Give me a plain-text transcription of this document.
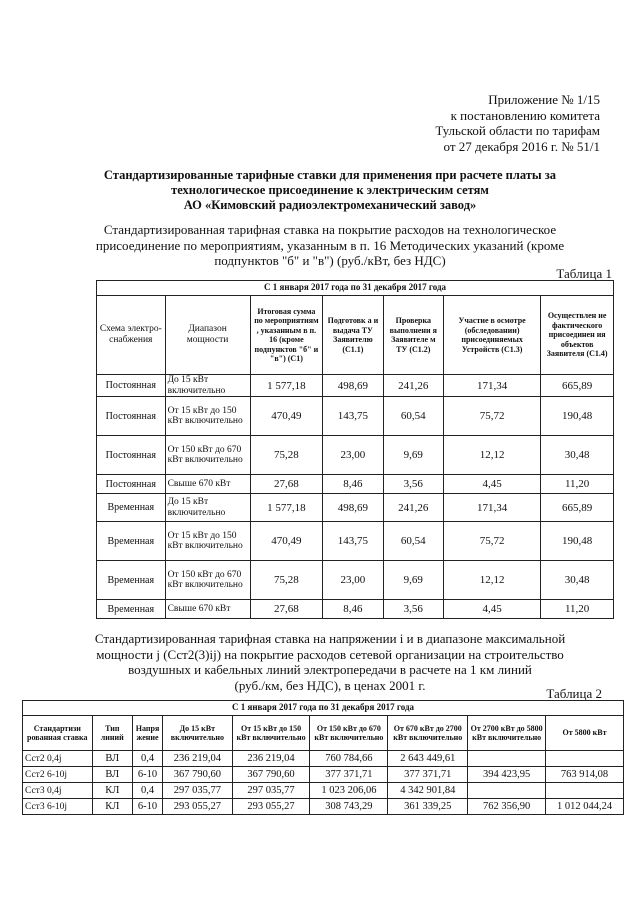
Приложение № 1/15
к постановлению комитета
Тульской области по тарифам
от 27 декабря 2016 г. № 51/1
Стандартизированные тарифные ставки для применения при расчете платы за
технологическое присоединение к электрическим сетям
АО «Кимовский радиоэлектромеханический завод»
Стандартизированная тарифная ставка на покрытие расходов на технологическое
присоединение по мероприятиям, указанным в п. 16 Методических указаний (кроме
подпунктов "б" и "в") (руб./кВт, без НДС)
Таблица 1
С 1 января 2017 года по 31 декабря 2017 года						
Схема электро-снабжения	Диапазон мощности	Итоговая сумма по мероприятиям , указанным в п. 16 (кроме подпунктов "б" и "в") (С1)	Подготовк а и выдача ТУ Заявителю (С1.1)	Проверка выполнени я Заявителе м ТУ (С1.2)	Участие в осмотре (обследовании) присоединяемых Устройств (С1.3)	Осуществлен ие фактического присоединен ия объектов Заявителя (С1.4)
Постоянная	До 15 кВт включительно	1 577,18	498,69	241,26	171,34	665,89
Постоянная	От 15 кВт до 150 кВт включительно	470,49	143,75	60,54	75,72	190,48
Постоянная	От 150 кВт до 670 кВт включительно	75,28	23,00	9,69	12,12	30,48
Постоянная	Свыше 670 кВт	27,68	8,46	3,56	4,45	11,20
Временная	До 15 кВт включительно	1 577,18	498,69	241,26	171,34	665,89
Временная	От 15 кВт до 150 кВт включительно	470,49	143,75	60,54	75,72	190,48
Временная	От 150 кВт до 670 кВт включительно	75,28	23,00	9,69	12,12	30,48
Временная	Свыше 670 кВт	27,68	8,46	3,56	4,45	11,20
Стандартизированная тарифная ставка на напряжении i и в диапазоне максимальной
мощности j (Сст2(3)ij) на покрытие расходов сетевой организации на строительство
воздушных и кабельных линий электропередачи в расчете на 1 км линий
(руб./км, без НДС), в ценах 2001 г.
Таблица 2
С 1 января 2017 года по 31 декабря 2017 года								
Стандартизи рованная ставка	Тип линий	Напря жение	До 15 кВт включительно	От 15 кВт до 150 кВт включительно	От 150 кВт до 670 кВт включительно	От 670 кВт до 2700 кВт включительно	От 2700 кВт до 5800 кВт включительно	От 5800 кВт
Сст2 0,4j	ВЛ	0,4	236 219,04	236 219,04	760 784,66	2 643 449,61		
Сст2 6-10j	ВЛ	6-10	367 790,60	367 790,60	377 371,71	377 371,71	394 423,95	763 914,08
Сст3 0,4j	КЛ	0,4	297 035,77	297 035,77	1 023 206,06	4 342 901,84		
Сст3 6-10j	КЛ	6-10	293 055,27	293 055,27	308 743,29	361 339,25	762 356,90	1 012 044,24
